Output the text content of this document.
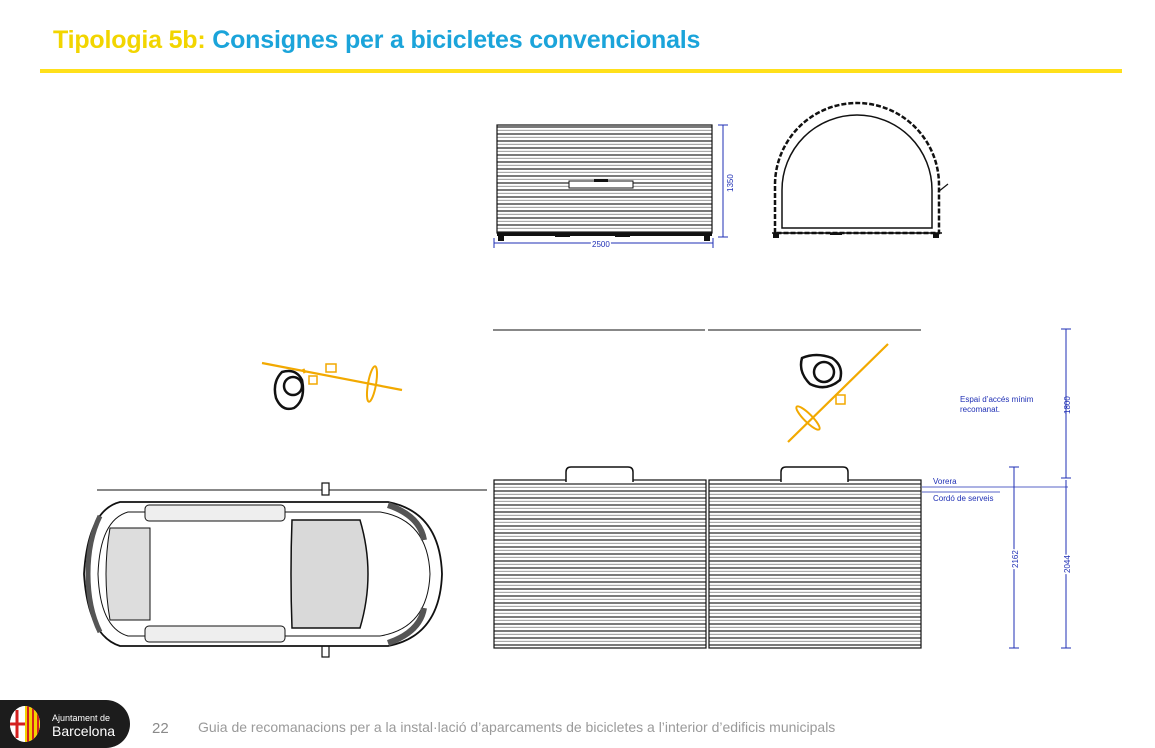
Tipologia 5b: Consignes per a bicicletes convencionals
2500
1350
Espai d’accés mínim
recomanat.
Vorera
Cordó de serveis
1800
2162	2044
Ajuntament de
Barcelona 22 Guia de recomanacions per a la instal·lació d’aparcaments de bicicletes a l’interior d’edificis municipals
